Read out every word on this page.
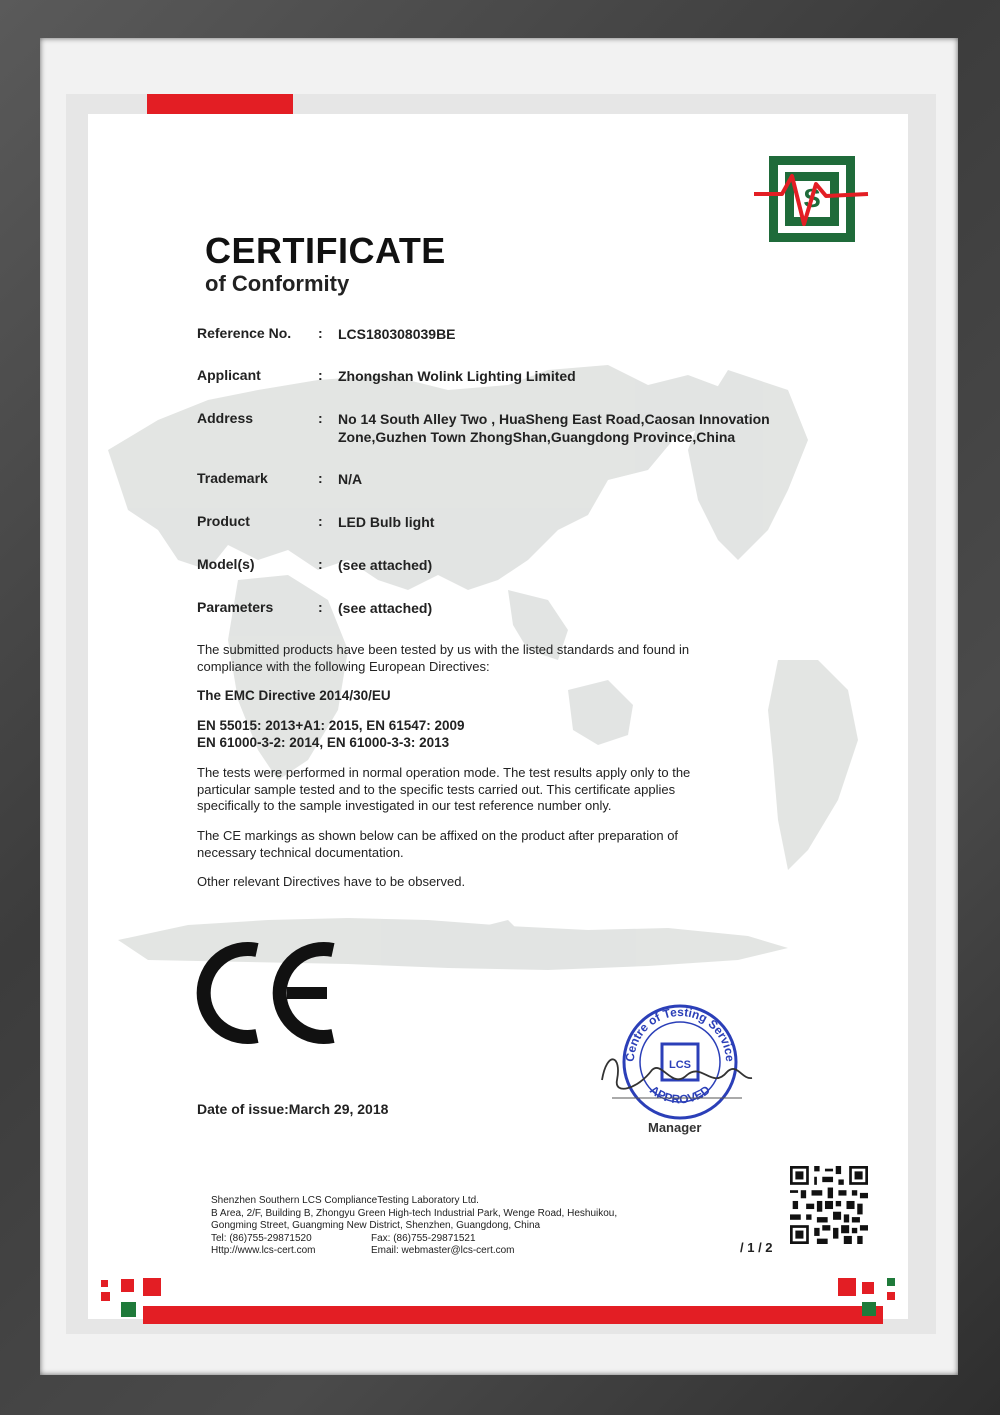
S
CERTIFICATE
of Conformity
Reference No.	: LCS180308039BE
Applicant	: Zhongshan Wolink Lighting Limited
Address	: No 14 South Alley Two , HuaSheng East Road,Caosan Innovation
Zone,Guzhen Town ZhongShan,Guangdong Province,China
Trademark	: N/A
Product	: LED Bulb light
Model(s)	: (see attached)
Parameters	: (see attached)
The submitted products have been tested by us with the listed standards and found in
compliance with the following European Directives:
The EMC Directive 2014/30/EU
EN 55015: 2013+A1: 2015, EN 61547: 2009
EN 61000-3-2: 2014, EN 61000-3-3: 2013
The tests were performed in normal operation mode. The test results apply only to the
particular sample tested and to the specific tests carried out. This certificate applies
specifically to the sample investigated in our test reference number only.
The CE markings as shown below can be affixed on the product after preparation of
necessary technical documentation.
Other relevant Directives have to be observed.
Date of issue:March 29, 2018
Centre of Testing Service
APPROVED
LCS
Manager
Shenzhen Southern LCS ComplianceTesting Laboratory Ltd.
B Area, 2/F, Building B, Zhongyu Green High-tech Industrial Park, Wenge Road, Heshuikou,
Gongming Street, Guangming New District, Shenzhen, Guangdong, China
Tel: (86)755-29871520	Fax: (86)755-29871521
Http://www.lcs-cert.com	Email: webmaster@lcs-cert.com	/ 1 / 2
